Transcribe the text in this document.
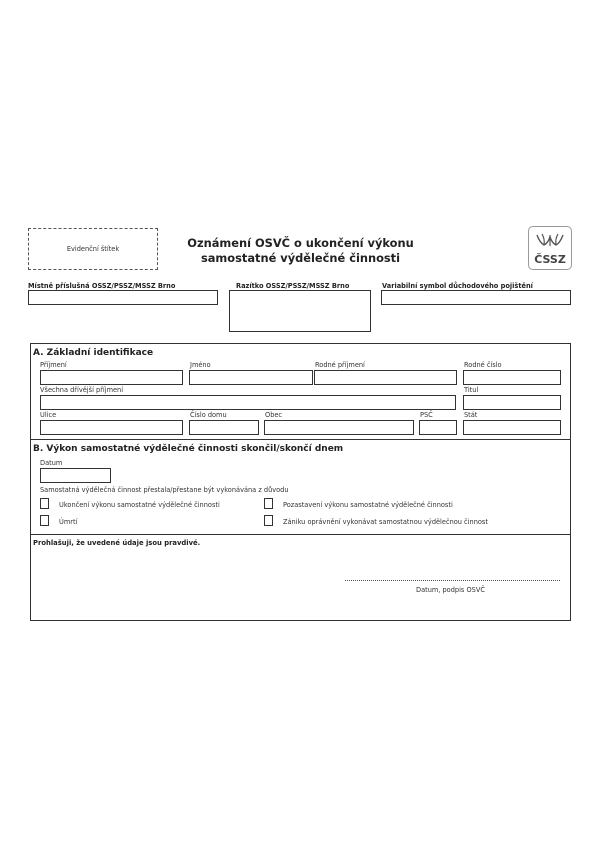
Evidenční štítek	Oznámení OSVČ o ukončení výkonu
samostatné výdělečné činnosti	ČSSZ
Místně příslušná OSSZ/PSSZ/MSSZ Brno	Razítko OSSZ/PSSZ/MSSZ Brno	Variabilní symbol důchodového pojištění
A. Základní identifikace
Příjmení	Jméno	Rodné příjmení	Rodné číslo
Všechna dřívější příjmení	Titul
Ulice	Číslo domu	Obec	PSČ	Stát
B. Výkon samostatné výdělečné činnosti skončil/skončí dnem
Datum
Samostatná výdělečná činnost přestala/přestane být vykonávána z důvodu
Ukončení výkonu samostatné výdělečné činnosti	Pozastavení výkonu samostatné výdělečné činnosti
Úmrtí	Zániku oprávnění vykonávat samostatnou výdělečnou činnost
Prohlašuji, že uvedené údaje jsou pravdivé.
Datum, podpis OSVČ
